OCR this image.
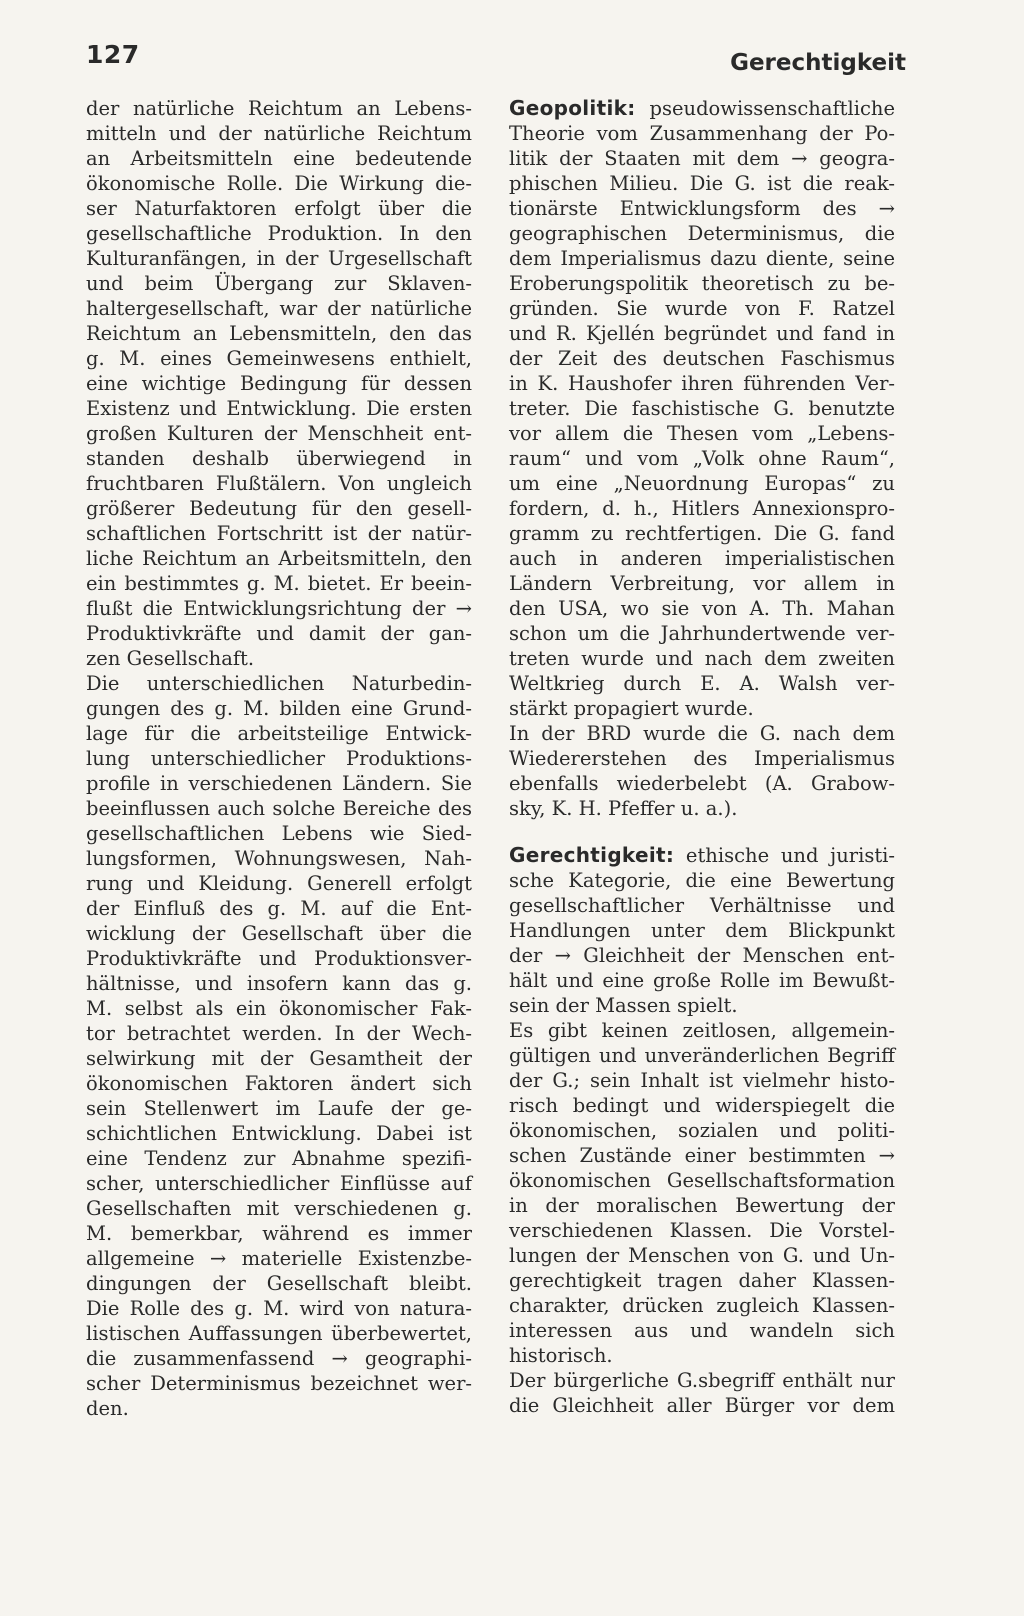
127	Gerechtigkeit
der natürliche Reichtum an Lebens-
mitteln und der natürliche Reichtum
an Arbeitsmitteln eine bedeutende
ökonomische Rolle. Die Wirkung die-
ser Naturfaktoren erfolgt über die
gesellschaftliche Produktion. In den
Kulturanfängen, in der Urgesellschaft
und beim Übergang zur Sklaven-
haltergesellschaft, war der natürliche
Reichtum an Lebensmitteln, den das
g. M. eines Gemeinwesens enthielt,
eine wichtige Bedingung für dessen
Existenz und Entwicklung. Die ersten
großen Kulturen der Menschheit ent-
standen deshalb überwiegend in
fruchtbaren Flußtälern. Von ungleich
größerer Bedeutung für den gesell-
schaftlichen Fortschritt ist der natür-
liche Reichtum an Arbeitsmitteln, den
ein bestimmtes g. M. bietet. Er beein-
flußt die Entwicklungsrichtung der →
Produktivkräfte und damit der gan-
zen Gesellschaft.
Die unterschiedlichen Naturbedin-
gungen des g. M. bilden eine Grund-
lage für die arbeitsteilige Entwick-
lung unterschiedlicher Produktions-
profile in verschiedenen Ländern. Sie
beeinflussen auch solche Bereiche des
gesellschaftlichen Lebens wie Sied-
lungsformen, Wohnungswesen, Nah-
rung und Kleidung. Generell erfolgt
der Einfluß des g. M. auf die Ent-
wicklung der Gesellschaft über die
Produktivkräfte und Produktionsver-
hältnisse, und insofern kann das g.
M. selbst als ein ökonomischer Fak-
tor betrachtet werden. In der Wech-
selwirkung mit der Gesamtheit der
ökonomischen Faktoren ändert sich
sein Stellenwert im Laufe der ge-
schichtlichen Entwicklung. Dabei ist
eine Tendenz zur Abnahme spezifi-
scher, unterschiedlicher Einflüsse auf
Gesellschaften mit verschiedenen g.
M. bemerkbar, während es immer
allgemeine → materielle Existenzbe-
dingungen der Gesellschaft bleibt.
Die Rolle des g. M. wird von natura-
listischen Auffassungen überbewertet,
die zusammenfassend → geographi-
scher Determinismus bezeichnet wer-
den.
Geopolitik: pseudowissenschaftliche
Theorie vom Zusammenhang der Po-
litik der Staaten mit dem → geogra-
phischen Milieu. Die G. ist die reak-
tionärste Entwicklungsform des →
geographischen Determinismus, die
dem Imperialismus dazu diente, seine
Eroberungspolitik theoretisch zu be-
gründen. Sie wurde von F. Ratzel
und R. Kjellén begründet und fand in
der Zeit des deutschen Faschismus
in K. Haushofer ihren führenden Ver-
treter. Die faschistische G. benutzte
vor allem die Thesen vom „Lebens-
raum“ und vom „Volk ohne Raum“,
um eine „Neuordnung Europas“ zu
fordern, d. h., Hitlers Annexionspro-
gramm zu rechtfertigen. Die G. fand
auch in anderen imperialistischen
Ländern Verbreitung, vor allem in
den USA, wo sie von A. Th. Mahan
schon um die Jahrhundertwende ver-
treten wurde und nach dem zweiten
Weltkrieg durch E. A. Walsh ver-
stärkt propagiert wurde.
In der BRD wurde die G. nach dem
Wiedererstehen des Imperialismus
ebenfalls wiederbelebt (A. Grabow-
sky, K. H. Pfeffer u. a.).
Gerechtigkeit: ethische und juristi-
sche Kategorie, die eine Bewertung
gesellschaftlicher Verhältnisse und
Handlungen unter dem Blickpunkt
der → Gleichheit der Menschen ent-
hält und eine große Rolle im Bewußt-
sein der Massen spielt.
Es gibt keinen zeitlosen, allgemein-
gültigen und unveränderlichen Begriff
der G.; sein Inhalt ist vielmehr histo-
risch bedingt und widerspiegelt die
ökonomischen, sozialen und politi-
schen Zustände einer bestimmten →
ökonomischen Gesellschaftsformation
in der moralischen Bewertung der
verschiedenen Klassen. Die Vorstel-
lungen der Menschen von G. und Un-
gerechtigkeit tragen daher Klassen-
charakter, drücken zugleich Klassen-
interessen aus und wandeln sich
historisch.
Der bürgerliche G.sbegriff enthält nur
die Gleichheit aller Bürger vor dem
